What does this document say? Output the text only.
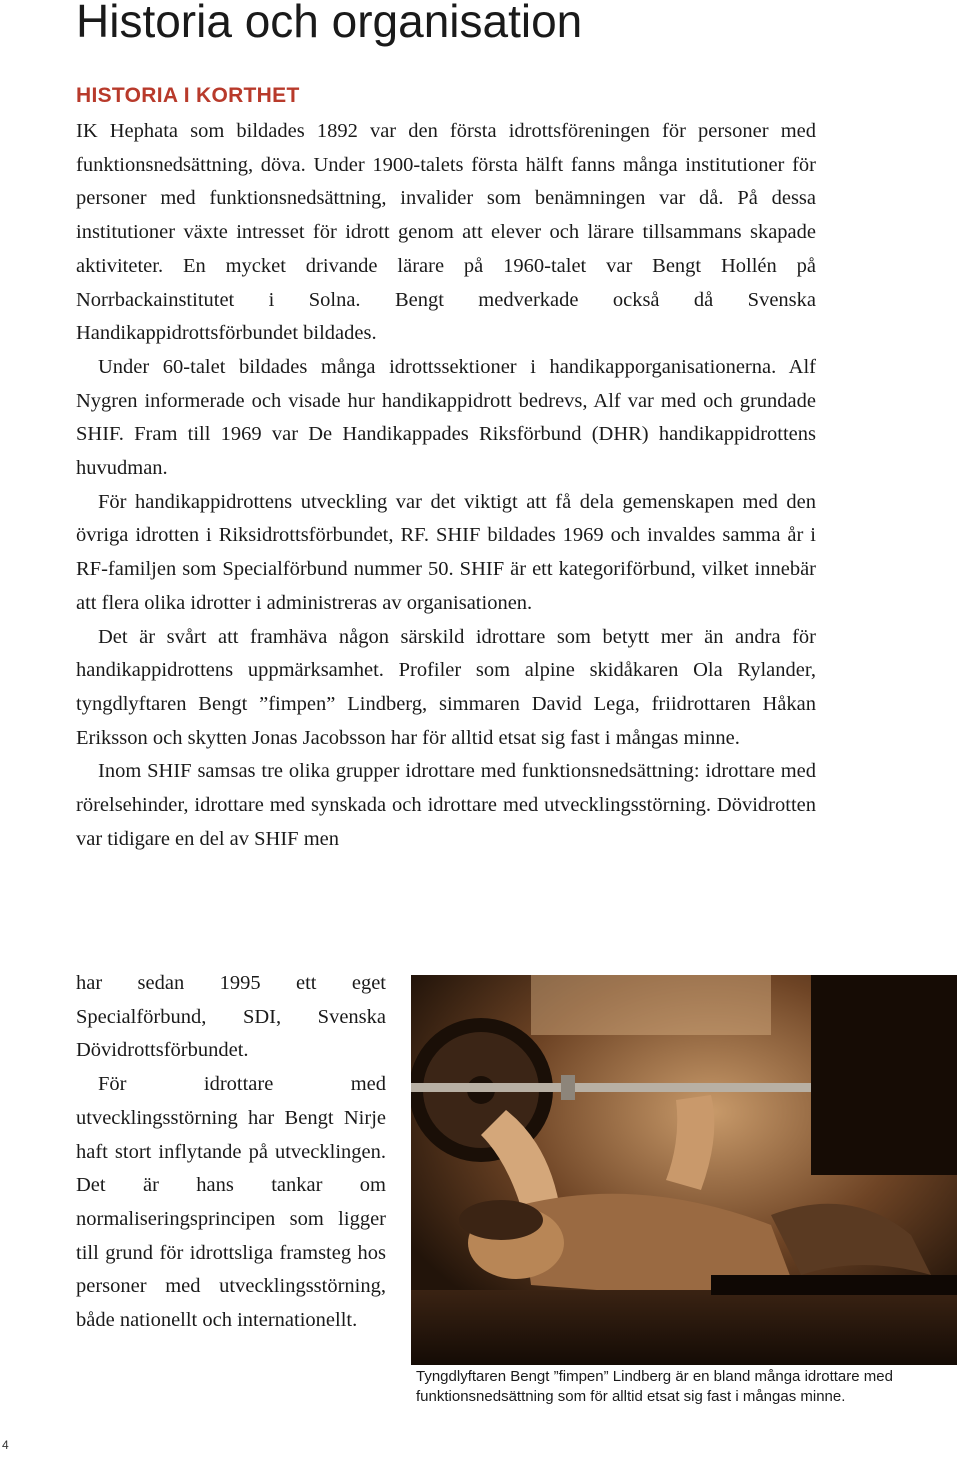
Historia och organisation
HISTORIA I KORTHET

IK Hephata som bildades 1892 var den första idrottsföreningen för personer med funktionsnedsättning, döva. Under 1900-talets första hälft fanns många institutioner för personer med funktionsnedsättning, invalider som benämningen var då. På dessa institutioner växte intresset för idrott genom att elever och lärare tillsammans skapade aktiviteter. En mycket drivande lärare på 1960-talet var Bengt Hollén på Norrbackainstitutet i Solna. Bengt medverkade också då Svenska Handikappidrottsförbundet bildades.

Under 60-talet bildades många idrottssektioner i handikapporganisationerna. Alf Nygren informerade och visade hur handikappidrott bedrevs, Alf var med och grundade SHIF. Fram till 1969 var De Handikappades Riksförbund (DHR) handikappidrottens huvudman.

För handikappidrottens utveckling var det viktigt att få dela gemenskapen med den övriga idrotten i Riksidrottsförbundet, RF. SHIF bildades 1969 och invaldes samma år i RF-familjen som Specialförbund nummer 50. SHIF är ett kategoriförbund, vilket innebär att flera olika idrotter i administreras av organisationen.

Det är svårt att framhäva någon särskild idrottare som betytt mer än andra för handikappidrottens uppmärksamhet. Profiler som alpine skidåkaren Ola Rylander, tyngdlyftaren Bengt ”fimpen” Lindberg, simmaren David Lega, friidrottaren Håkan Eriksson och skytten Jonas Jacobsson har för alltid etsat sig fast i mångas minne.

Inom SHIF samsas tre olika grupper idrottare med funktionsnedsättning: idrottare med rörelsehinder, idrottare med synskada och idrottare med utvecklingsstörning. Dövidrotten var tidigare en del av SHIF men

har sedan 1995 ett eget Specialförbund, SDI, Svenska Dövidrottsförbundet.

För idrottare med utvecklingsstörning har Bengt Nirje haft stort inflytande på utvecklingen. Det är hans tankar om normaliseringsprincipen som ligger till grund för idrottsliga framsteg hos personer med utvecklingsstörning, både nationellt och internationellt.

Tyngdlyftaren Bengt ”fimpen” Lindberg är en bland många idrottare med funktionsnedsättning som för alltid etsat sig fast i mångas minne.
4
